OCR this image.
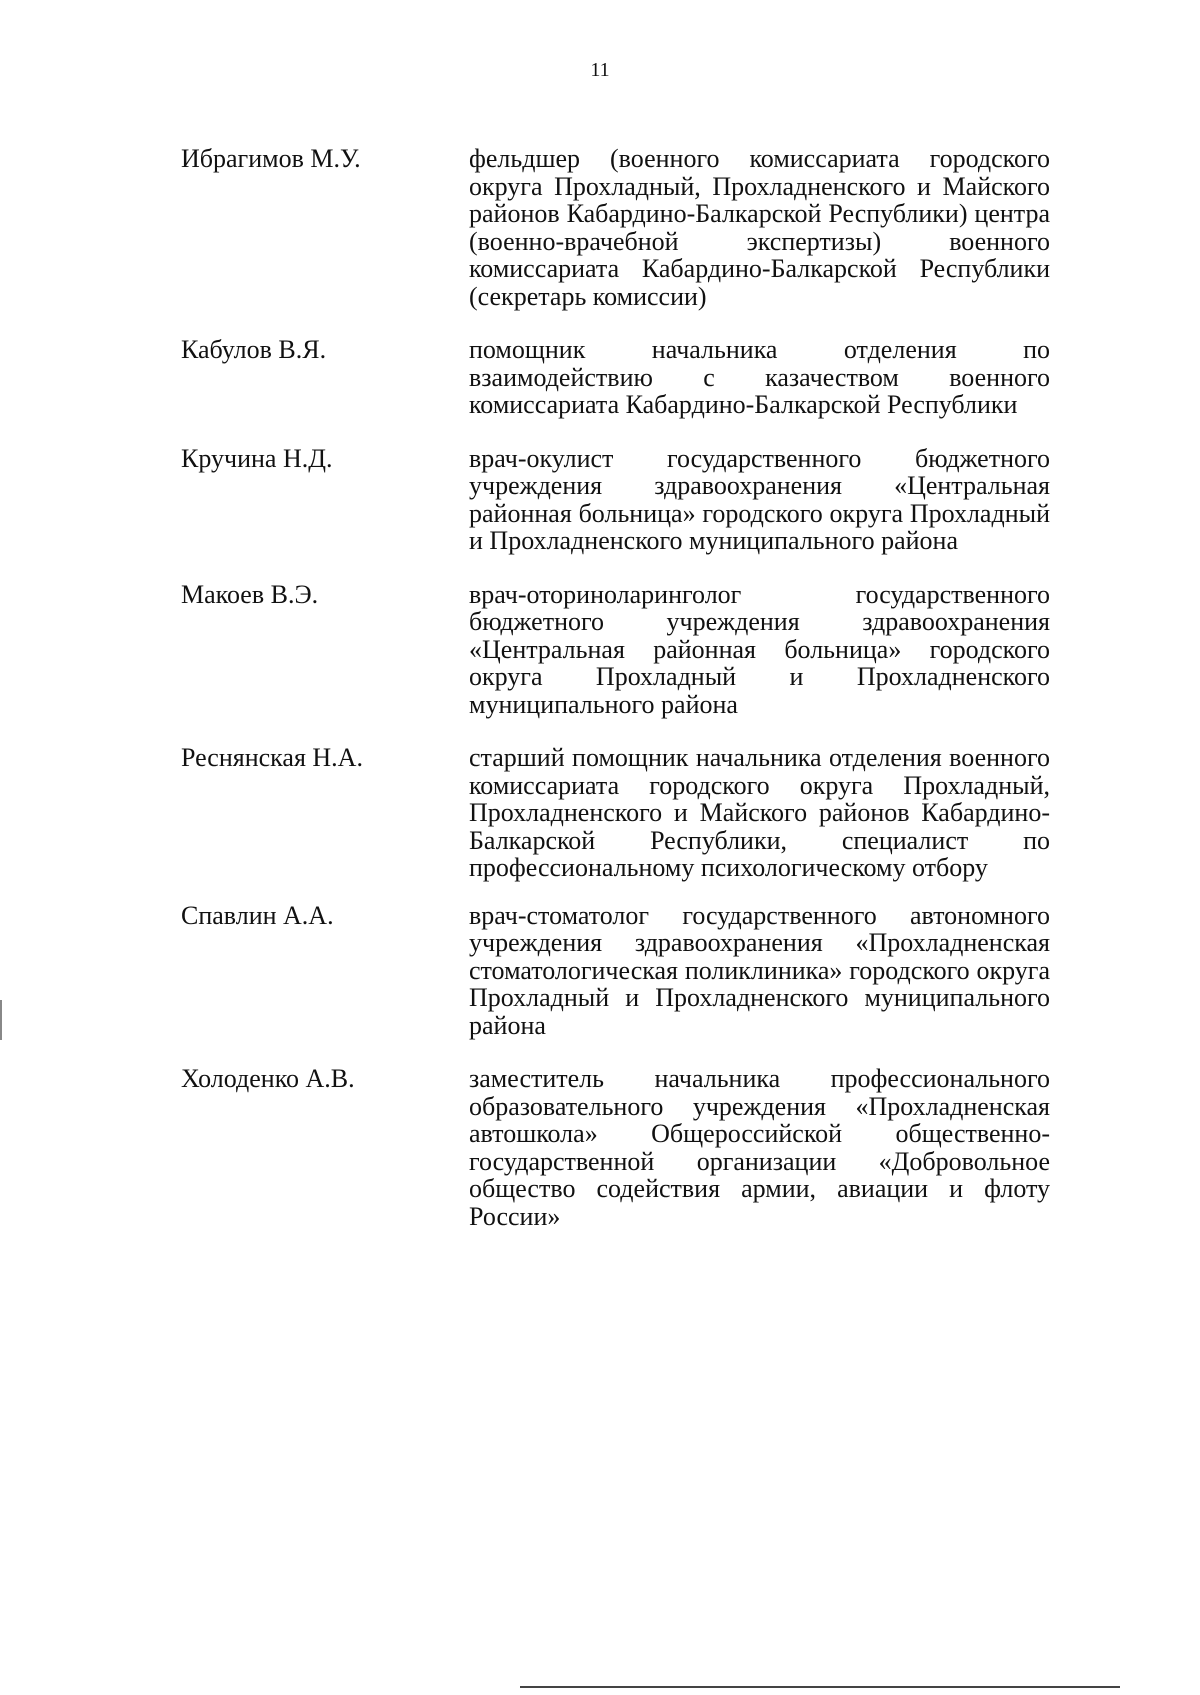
11
Ибрагимов М.У.	фельдшер (военного комиссариата городского округа Прохладный, Прохладненского и Майского районов Кабардино-Балкарской Республики) центра (военно-врачебной экспертизы) военного комиссариата Кабардино-Балкарской Республики (секретарь комиссии)
Кабулов В.Я.	помощник начальника отделения по взаимодействию с казачеством военного комиссариата Кабардино-Балкарской Республики
Кручина Н.Д.	врач-окулист государственного бюджетного учреждения здравоохранения «Центральная районная больница» городского округа Прохладный и Прохладненского муниципального района
Макоев В.Э.	врач-оториноларинголог государственного бюджетного учреждения здравоохранения «Центральная районная больница» городского округа Прохладный и Прохладненского муниципального района
Реснянская Н.А.	старший помощник начальника отделения военного комиссариата городского округа Прохладный, Прохладненского и Майского районов Кабардино-Балкарской Республики, специалист по профессиональному психологическому отбору
Спавлин А.А.	врач-стоматолог государственного автономного учреждения здравоохранения «Прохладненская стоматологическая поликлиника» городского округа Прохладный и Прохладненского муниципального района
Холоденко А.В.	заместитель начальника профессионального образовательного учреждения «Прохладненская автошкола» Общероссийской общественно-государственной организации «Добровольное общество содействия армии, авиации и флоту России»
